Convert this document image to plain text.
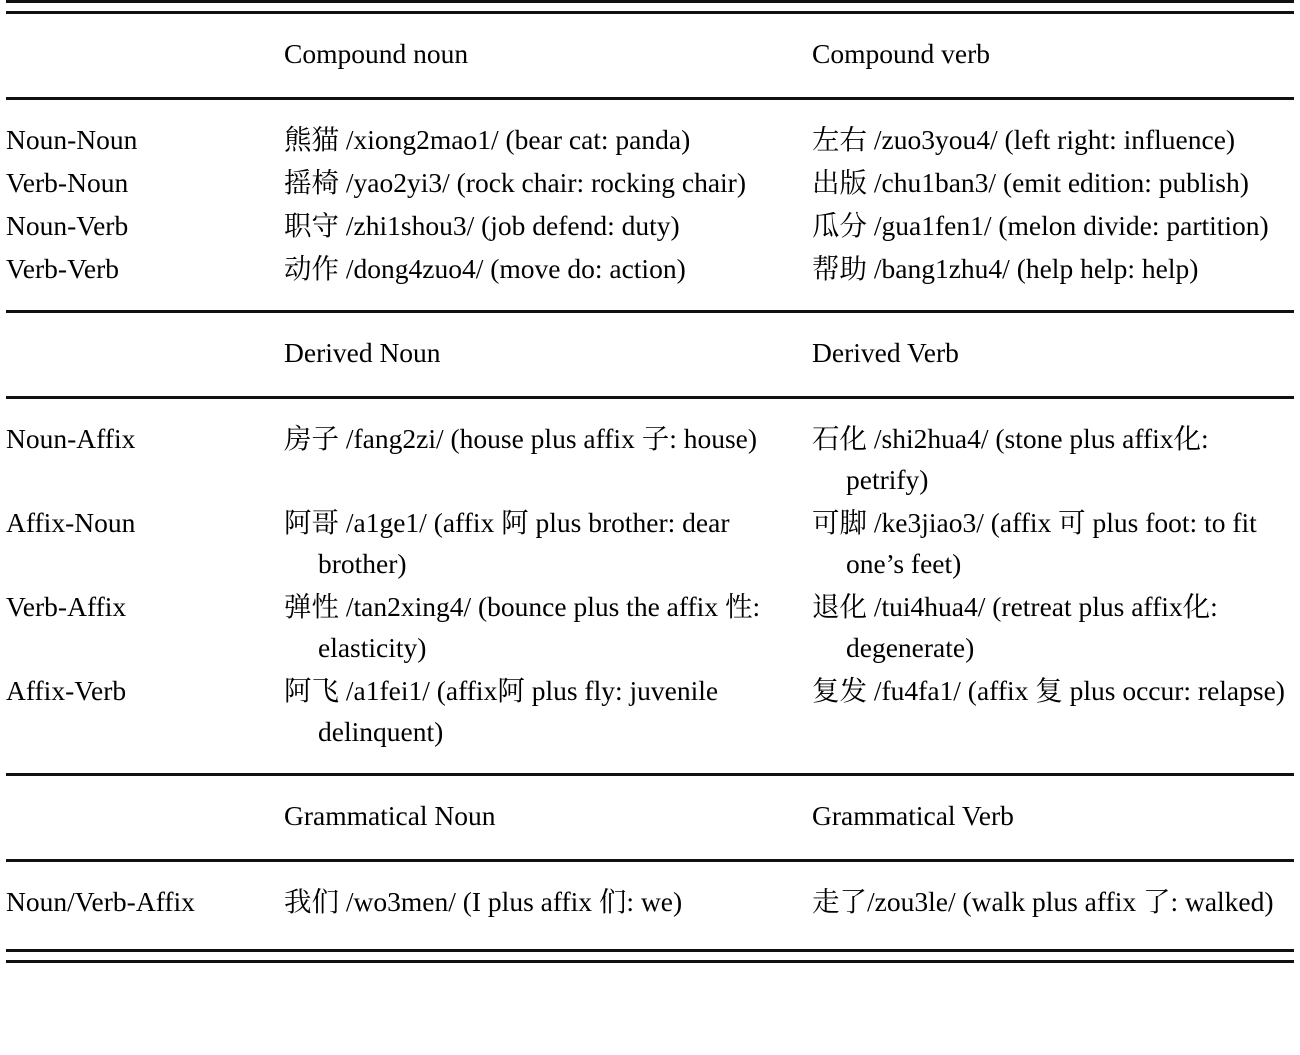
	Compound noun	Compound verb

Noun-Noun	熊猫 /xiong2mao1/ (bear cat: panda)	左右 /zuo3you4/ (left right: influence)
Verb-Noun	摇椅 /yao2yi3/ (rock chair: rocking chair)	出版 /chu1ban3/ (emit edition: publish)
Noun-Verb	职守 /zhi1shou3/ (job defend: duty)	瓜分 /gua1fen1/ (melon divide: partition)
Verb-Verb	动作 /dong4zuo4/ (move do: action)	帮助 /bang1zhu4/ (help help: help)

	Derived Noun	Derived Verb

Noun-Affix	房子 /fang2zi/ (house plus affix 子: house)	石化 /shi2hua4/ (stone plus affix化: petrify)
Affix-Noun	阿哥 /a1ge1/ (affix 阿 plus brother: dear brother)	可脚 /ke3jiao3/ (affix 可 plus foot: to fit one’s feet)
Verb-Affix	弹性 /tan2xing4/ (bounce plus the affix 性: elasticity)	退化 /tui4hua4/ (retreat plus affix化: degenerate)
Affix-Verb	阿飞 /a1fei1/ (affix阿 plus fly: juvenile delinquent)	复发 /fu4fa1/ (affix 复 plus occur: relapse)

	Grammatical Noun	Grammatical Verb

Noun/Verb-Affix	我们 /wo3men/ (I plus affix 们: we)	走了/zou3le/ (walk plus affix 了: walked)
